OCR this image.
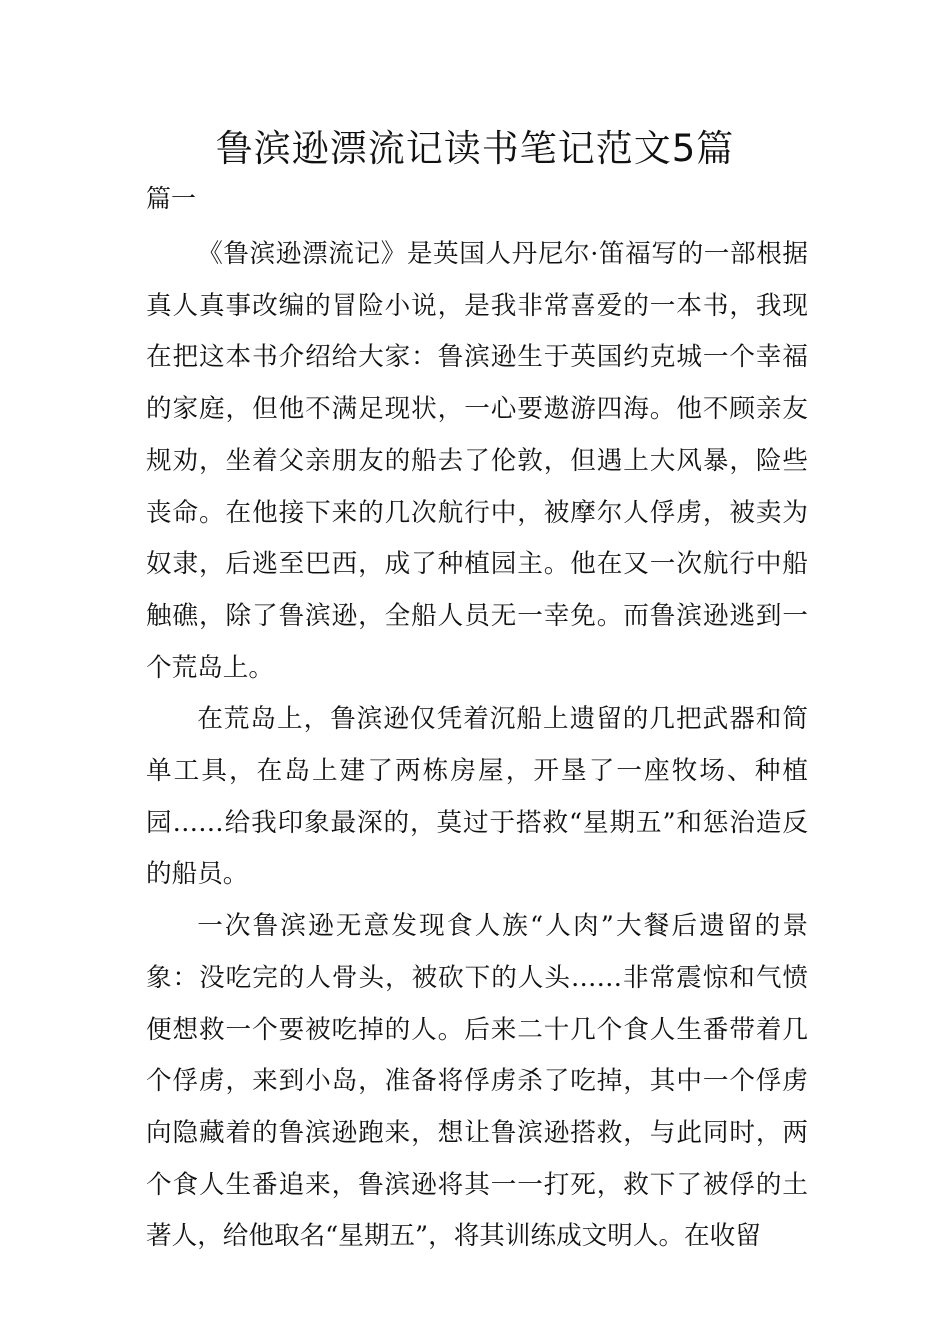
鲁滨逊漂流记读书笔记范文5篇
篇一

《鲁滨逊漂流记》是英国人丹尼尔·笛福写的一部根据真人真事改编的冒险小说，是我非常喜爱的一本书，我现在把这本书介绍给大家：鲁滨逊生于英国约克城一个幸福的家庭，但他不满足现状，一心要遨游四海。他不顾亲友规劝，坐着父亲朋友的船去了伦敦，但遇上大风暴，险些丧命。在他接下来的几次航行中，被摩尔人俘虏，被卖为奴隶，后逃至巴西，成了种植园主。他在又一次航行中船触礁，除了鲁滨逊，全船人员无一幸免。而鲁滨逊逃到一个荒岛上。

在荒岛上，鲁滨逊仅凭着沉船上遗留的几把武器和简单工具，在岛上建了两栋房屋，开垦了一座牧场、种植园……给我印象最深的，莫过于搭救“星期五”和惩治造反的船员。

一次鲁滨逊无意发现食人族“人肉”大餐后遗留的景象：没吃完的人骨头，被砍下的人头……非常震惊和气愤便想救一个要被吃掉的人。后来二十几个食人生番带着几个俘虏，来到小岛，准备将俘虏杀了吃掉，其中一个俘虏向隐藏着的鲁滨逊跑来，想让鲁滨逊搭救，与此同时，两个食人生番追来，鲁滨逊将其一一打死，救下了被俘的土著人，给他取名“星期五”，将其训练成文明人。在收留
